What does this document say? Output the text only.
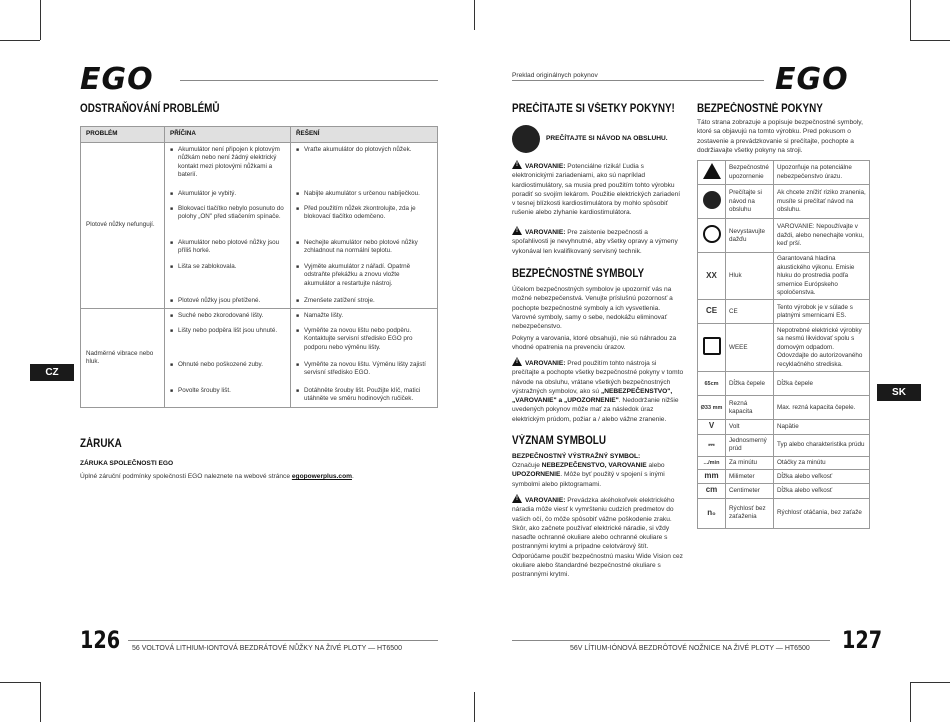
EGO
ODSTRAŇOVÁNÍ PROBLÉMŮ
PROBLÉM	PŘÍČINA	ŘEŠENÍ
Plotové nůžky nefungují.	■ Akumulátor není připojen k plotovým nůžkám nebo není žádný elektrický kontakt mezi plotovými nůžkami a baterií.	■ Vraťte akumulátor do plotových nůžek.

	■ Akumulátor je vybitý.	■ Nabijte akumulátor s určenou nabíječkou.

	■ Blokovací tlačítko nebylo posunuto do polohy „ON" před stlačením spínače.	■ Před použitím nůžek zkontrolujte, zda je blokovací tlačítko odemčeno.

	■ Akumulátor nebo plotové nůžky jsou příliš horké.	■ Nechejte akumulátor nebo plotové nůžky zchladnout na normální teplotu.

	■ Lišta se zablokovala.	■ Vyjměte akumulátor z nářadí. Opatrně odstraňte překážku a znovu vložte akumulátor a restartujte nástroj.

	■ Plotové nůžky jsou přetížené.	■ Zmenšete zatížení stroje.

Nadměrné vibrace nebo hluk.	■ Suché nebo zkorodované lišty.	■ Namažte lišty.

	■ Lišty nebo podpěra lišt jsou uhnuté.	■ Vyměňte za novou lištu nebo podpěru. Kontaktujte servisní středisko EGO pro podporu nebo výměnu lišty.

	■ Ohnuté nebo poškozené zuby.	■ Vyměňte za novou lištu. Výměnu lišty zajistí servisní středisko EGO.

	■ Povolte šrouby lišt.	■ Dotáhněte šrouby lišt. Použijte klíč, matici utáhněte ve směru hodinových ručiček.
CZ
ZÁRUKA
ZÁRUKA SPOLEČNOSTI EGO
Úplné záruční podmínky společnosti EGO naleznete na webové stránce egopowerplus.com.
126 56 VOLTOVÁ LITHIUM-IONTOVÁ BEZDRÁTOVÉ NŮŽKY NA ŽIVÉ PLOTY — HT6500
Preklad originálnych pokynov	EGO
PREČÍTAJTE SI VŠETKY POKYNY!
PREČÍTAJTE SI NÁVOD NA OBSLUHU.
! VAROVANIE: Potenciálne riziká! Ľudia s elektronickými zariadeniami, ako sú napríklad kardiostimulátory, sa musia pred použitím tohto výrobku poradiť so svojím lekárom. Použitie elektrických zariadení v tesnej blízkosti kardiostimulátora by mohlo spôsobiť rušenie alebo zlyhanie kardiostimulátora.
! VAROVANIE: Pre zaistenie bezpečnosti a spoľahlivosti je nevyhnutné, aby všetky opravy a výmeny vykonával len kvalifikovaný servisný technik.
BEZPEČNOSTNÉ SYMBOLY
Účelom bezpečnostných symbolov je upozorniť vás na možné nebezpečenstvá. Venujte príslušnú pozornosť a pochopte bezpečnostné symboly a ich vysvetlenia. Varovné symboly, samy o sebe, nedokážu eliminovať nebezpečenstvo.
Pokyny a varovania, ktoré obsahujú, nie sú náhradou za vhodné opatrenia na prevenciu úrazov.
! VAROVANIE: Pred použitím tohto nástroja si prečítajte a pochopte všetky bezpečnostné pokyny v tomto návode na obsluhu, vrátane všetkých bezpečnostných výstražných symbolov, ako sú „NEBEZPEČENSTVO", „VAROVANIE" a „UPOZORNENIE". Nedodržanie nižšie uvedených pokynov môže mať za následok úraz elektrickým prúdom, požiar a / alebo vážne zranenie.
VÝZNAM SYMBOLU
BEZPEČNOSTNÝ VÝSTRAŽNÝ SYMBOL:
Označuje NEBEZPEČENSTVO, VAROVANIE alebo UPOZORNENIE. Môže byť použitý v spojení s inými symbolmi alebo piktogramami.
! VAROVANIE: Prevádzka akéhokoľvek elektrického náradia môže viesť k vymršteniu cudzích predmetov do vašich očí, čo môže spôsobiť vážne poškodenie zraku. Skôr, ako začnete používať elektrické náradie, si vždy nasaďte ochranné okuliare alebo ochranné okuliare s postrannými krytmi a prípadne celotvárový štít. Odporúčame použiť bezpečnostnú masku Wide Vision cez okuliare alebo štandardné bezpečnostné okuliare s postrannými krytmi.
BEZPEČNOSTNÉ POKYNY
Táto strana zobrazuje a popisuje bezpečnostné symboly, ktoré sa objavujú na tomto výrobku. Pred pokusom o zostavenie a prevádzkovanie si prečítajte, pochopte a dodržiavajte všetky pokyny na stroji.
	Bezpečnostné upozornenie	Upozorňuje na potenciálne nebezpečenstvo úrazu.
	Prečítajte si návod na obsluhu	Ak chcete znížiť riziko zranenia, musíte si prečítať návod na obsluhu.
	Nevystavujte dažďu	VAROVANIE: Nepoužívajte v daždi, alebo nenechajte vonku, keď prší.
XX	Hluk	Garantovaná hladina akustického výkonu. Emisie hluku do prostredia podľa smernice Európskeho spoločenstva.
CE	CE	Tento výrobok je v súlade s platnými smernicami ES.
	WEEE	Nepotrebné elektrické výrobky sa nesmú likvidovať spolu s domovým odpadom. Odovzdajte do autorizovaného recyklačného strediska.
65cm	Dĺžka čepele	Dĺžka čepele
Ø33 mm	Rezná kapacita	Max. rezná kapacita čepele.
V	Volt	Napätie
⎓	Jednosmerný prúd	Typ alebo charakteristika prúdu
.../min	Za minútu	Otáčky za minútu
mm	Milimeter	Dĺžka alebo veľkosť
cm	Centimeter	Dĺžka alebo veľkosť
n₀	Rýchlosť bez zaťaženia	Rýchlosť otáčania, bez zaťaže
SK
56V LÍTIUM-IÓNOVÁ BEZDRÔTOVÉ NOŽNICE NA ŽIVÉ PLOTY — HT6500 127
